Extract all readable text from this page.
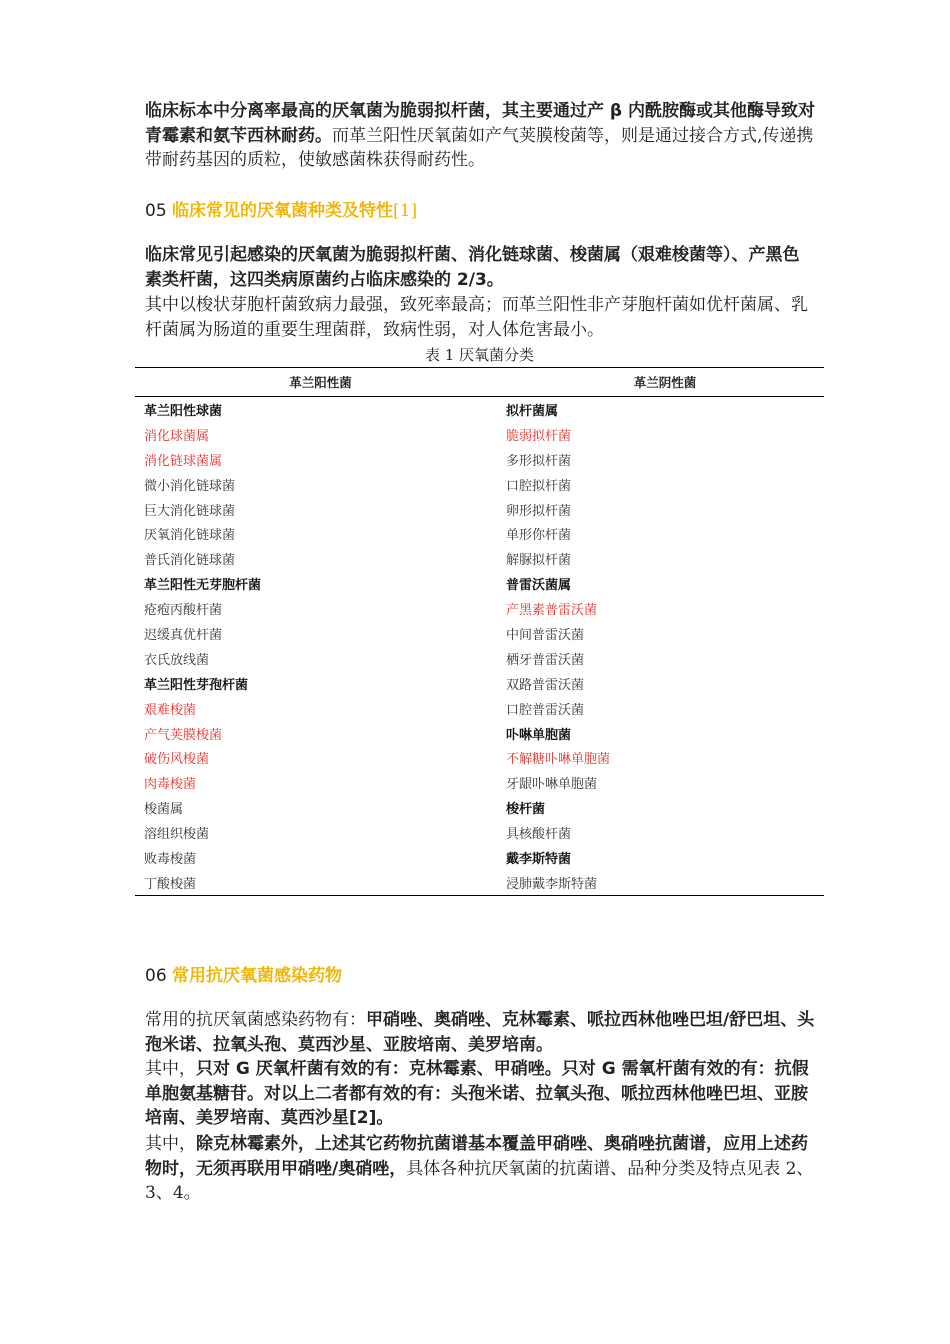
临床标本中分离率最高的厌氧菌为脆弱拟杆菌，其主要通过产 β 内酰胺酶或其他酶导致对青霉素和氨苄西林耐药。而革兰阳性厌氧菌如产气荚膜梭菌等，则是通过接合方式,传递携带耐药基因的质粒，使敏感菌株获得耐药性。

05 临床常见的厌氧菌种类及特性[1]

临床常见引起感染的厌氧菌为脆弱拟杆菌、消化链球菌、梭菌属（艰难梭菌等）、产黑色素类杆菌，这四类病原菌约占临床感染的 2/3。

其中以梭状芽胞杆菌致病力最强，致死率最高；而革兰阳性非产芽胞杆菌如优杆菌属、乳杆菌属为肠道的重要生理菌群，致病性弱，对人体危害最小。

表 1 厌氧菌分类
革兰阳性菌	革兰阴性菌
革兰阳性球菌	拟杆菌属
消化球菌属	脆弱拟杆菌
消化链球菌属	多形拟杆菌
微小消化链球菌	口腔拟杆菌
巨大消化链球菌	卵形拟杆菌
厌氧消化链球菌	单形你杆菌
普氏消化链球菌	解脲拟杆菌
革兰阳性无芽胞杆菌	普雷沃菌属
疮疱丙酸杆菌	产黑素普雷沃菌
迟缓真优杆菌	中间普雷沃菌
衣氏放线菌	栖牙普雷沃菌
革兰阳性芽孢杆菌	双路普雷沃菌
艰难梭菌	口腔普雷沃菌
产气荚膜梭菌	卟啉单胞菌
破伤风梭菌	不解糖卟啉单胞菌
肉毒梭菌	牙龈卟啉单胞菌
梭菌属	梭杆菌
溶组织梭菌	具核酸杆菌
败毒梭菌	戴李斯特菌
丁酸梭菌	浸肺戴李斯特菌

06 常用抗厌氧菌感染药物

常用的抗厌氧菌感染药物有：甲硝唑、奥硝唑、克林霉素、哌拉西林他唑巴坦/舒巴坦、头孢米诺、拉氧头孢、莫西沙星、亚胺培南、美罗培南。

其中，只对 G 厌氧杆菌有效的有：克林霉素、甲硝唑。只对 G 需氧杆菌有效的有：抗假单胞氨基糖苷。对以上二者都有效的有：头孢米诺、拉氧头孢、哌拉西林他唑巴坦、亚胺培南、美罗培南、莫西沙星[2]。

其中，除克林霉素外，上述其它药物抗菌谱基本覆盖甲硝唑、奥硝唑抗菌谱，应用上述药物时，无须再联用甲硝唑/奥硝唑，具体各种抗厌氧菌的抗菌谱、品种分类及特点见表 2、3、4。
